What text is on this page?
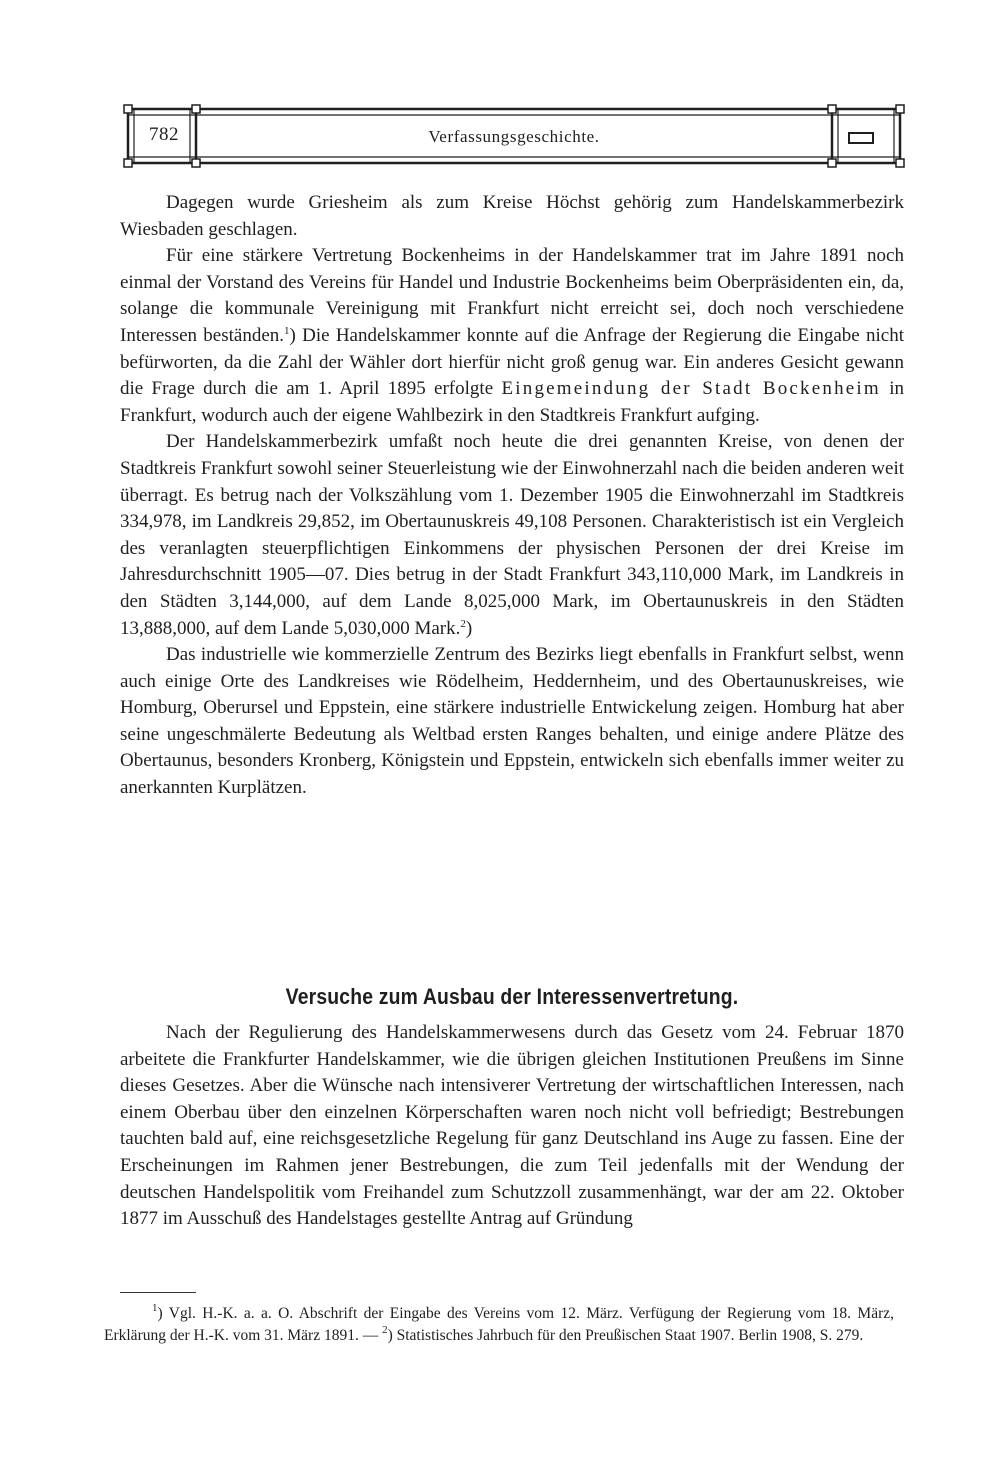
782	Verfassungsgeschichte.

Dagegen wurde Griesheim als zum Kreise Höchst gehörig zum Handelskammerbezirk Wiesbaden geschlagen.

Für eine stärkere Vertretung Bockenheims in der Handelskammer trat im Jahre 1891 noch einmal der Vorstand des Vereins für Handel und Industrie Bockenheims beim Oberpräsidenten ein, da, solange die kommunale Vereinigung mit Frankfurt nicht erreicht sei, doch noch verschiedene Interessen beständen.$^1$) Die Handelskammer konnte auf die Anfrage der Regierung die Eingabe nicht befürworten, da die Zahl der Wähler dort hierfür nicht groß genug war. Ein anderes Gesicht gewann die Frage durch die am 1. April 1895 erfolgte Eingemeindung der Stadt Bockenheim in Frankfurt, wodurch auch der eigene Wahlbezirk in den Stadtkreis Frankfurt aufging.

Der Handelskammerbezirk umfaßt noch heute die drei genannten Kreise, von denen der Stadtkreis Frankfurt sowohl seiner Steuerleistung wie der Einwohnerzahl nach die beiden anderen weit überragt. Es betrug nach der Volkszählung vom 1. Dezember 1905 die Einwohnerzahl im Stadtkreis 334,978, im Landkreis 29,852, im Obertaunuskreis 49,108 Personen. Charakteristisch ist ein Vergleich des veranlagten steuerpflichtigen Einkommens der physischen Personen der drei Kreise im Jahresdurchschnitt 1905—07. Dies betrug in der Stadt Frankfurt 343,110,000 Mark, im Landkreis in den Städten 3,144,000, auf dem Lande 8,025,000 Mark, im Obertaunuskreis in den Städten 13,888,000, auf dem Lande 5,030,000 Mark.$^2$)

Das industrielle wie kommerzielle Zentrum des Bezirks liegt ebenfalls in Frankfurt selbst, wenn auch einige Orte des Landkreises wie Rödelheim, Heddernheim, und des Obertaunuskreises, wie Homburg, Oberursel und Eppstein, eine stärkere industrielle Entwickelung zeigen. Homburg hat aber seine ungeschmälerte Bedeutung als Weltbad ersten Ranges behalten, und einige andere Plätze des Obertaunus, besonders Kronberg, Königstein und Eppstein, entwickeln sich ebenfalls immer weiter zu anerkannten Kurplätzen.

Versuche zum Ausbau der Interessenvertretung.

Nach der Regulierung des Handelskammerwesens durch das Gesetz vom 24. Februar 1870 arbeitete die Frankfurter Handelskammer, wie die übrigen gleichen Institutionen Preußens im Sinne dieses Gesetzes. Aber die Wünsche nach intensiverer Vertretung der wirtschaftlichen Interessen, nach einem Oberbau über den einzelnen Körperschaften waren noch nicht voll befriedigt; Bestrebungen tauchten bald auf, eine reichsgesetzliche Regelung für ganz Deutschland ins Auge zu fassen. Eine der Erscheinungen im Rahmen jener Bestrebungen, die zum Teil jedenfalls mit der Wendung der deutschen Handelspolitik vom Freihandel zum Schutzzoll zusammenhängt, war der am 22. Oktober 1877 im Ausschuß des Handelstages gestellte Antrag auf Gründung

$^1$) Vgl. H.-K. a. a. O. Abschrift der Eingabe des Vereins vom 12. März. Verfügung der Regierung vom 18. März, Erklärung der H.-K. vom 31. März 1891. — $^2$) Statistisches Jahrbuch für den Preußischen Staat 1907. Berlin 1908, S. 279.
